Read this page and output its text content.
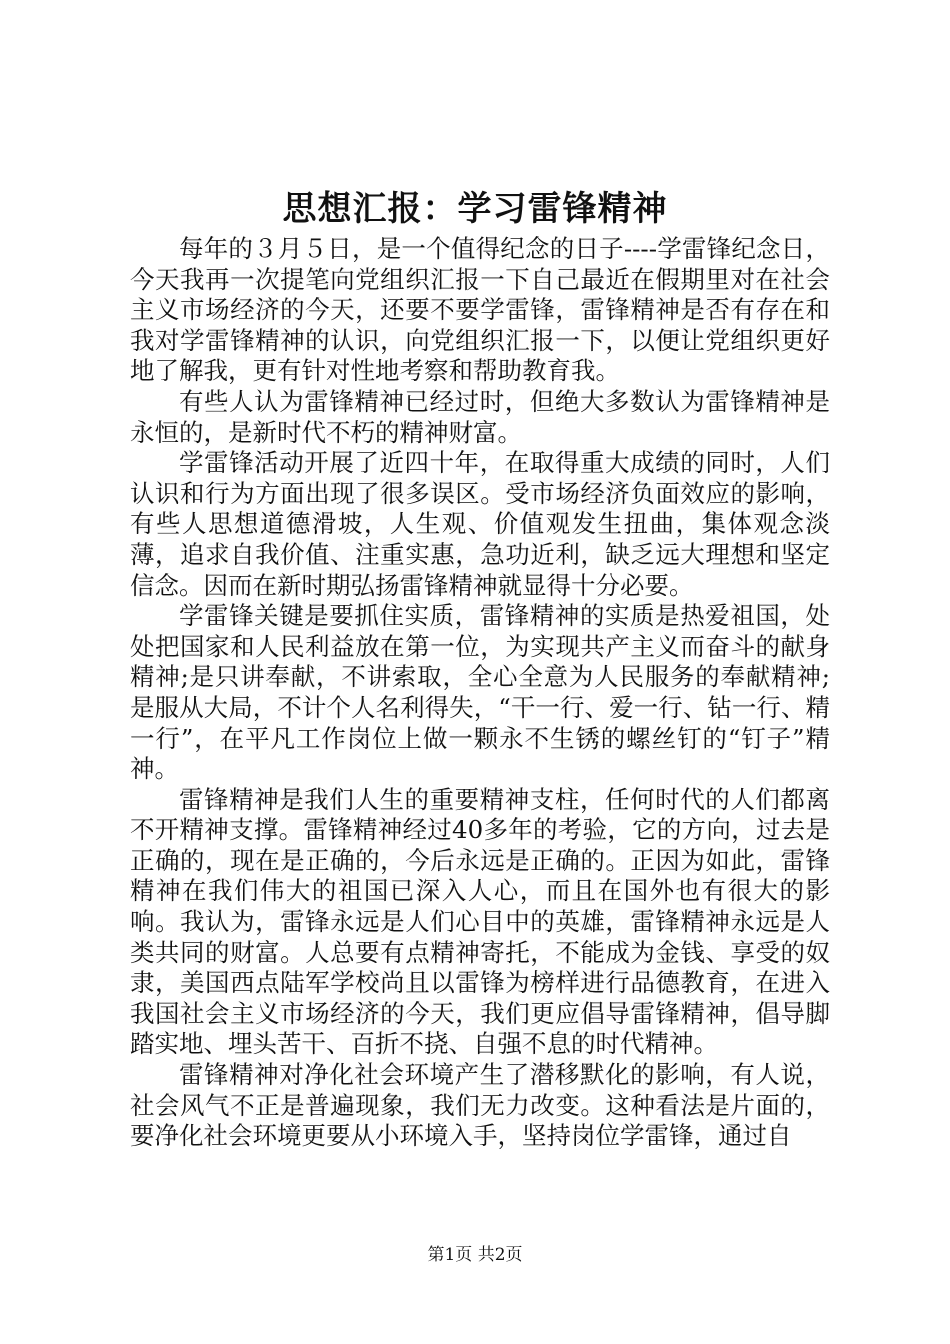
思想汇报：学习雷锋精神

每年的３月５日，是一个值得纪念的日子----学雷锋纪念日，今天我再一次提笔向党组织汇报一下自己最近在假期里对在社会主义市场经济的今天，还要不要学雷锋，雷锋精神是否有存在和我对学雷锋精神的认识，向党组织汇报一下，以便让党组织更好地了解我，更有针对性地考察和帮助教育我。

有些人认为雷锋精神已经过时，但绝大多数认为雷锋精神是永恒的，是新时代不朽的精神财富。

学雷锋活动开展了近四十年，在取得重大成绩的同时，人们认识和行为方面出现了很多误区。受市场经济负面效应的影响，有些人思想道德滑坡，人生观、价值观发生扭曲，集体观念淡薄，追求自我价值、注重实惠，急功近利，缺乏远大理想和坚定信念。因而在新时期弘扬雷锋精神就显得十分必要。

学雷锋关键是要抓住实质，雷锋精神的实质是热爱祖国，处处把国家和人民利益放在第一位，为实现共产主义而奋斗的献身精神;是只讲奉献，不讲索取，全心全意为人民服务的奉献精神;是服从大局，不计个人名利得失，“干一行、爱一行、钻一行、精一行”，在平凡工作岗位上做一颗永不生锈的螺丝钉的“钉子”精神。

雷锋精神是我们人生的重要精神支柱，任何时代的人们都离不开精神支撑。雷锋精神经过40多年的考验，它的方向，过去是正确的，现在是正确的，今后永远是正确的。正因为如此，雷锋精神在我们伟大的祖国已深入人心，而且在国外也有很大的影响。我认为，雷锋永远是人们心目中的英雄，雷锋精神永远是人类共同的财富。人总要有点精神寄托，不能成为金钱、享受的奴隶，美国西点陆军学校尚且以雷锋为榜样进行品德教育，在进入我国社会主义市场经济的今天，我们更应倡导雷锋精神，倡导脚踏实地、埋头苦干、百折不挠、自强不息的时代精神。

雷锋精神对净化社会环境产生了潜移默化的影响，有人说，社会风气不正是普遍现象，我们无力改变。这种看法是片面的，要净化社会环境更要从小环境入手，坚持岗位学雷锋，通过自

第1页 共2页
